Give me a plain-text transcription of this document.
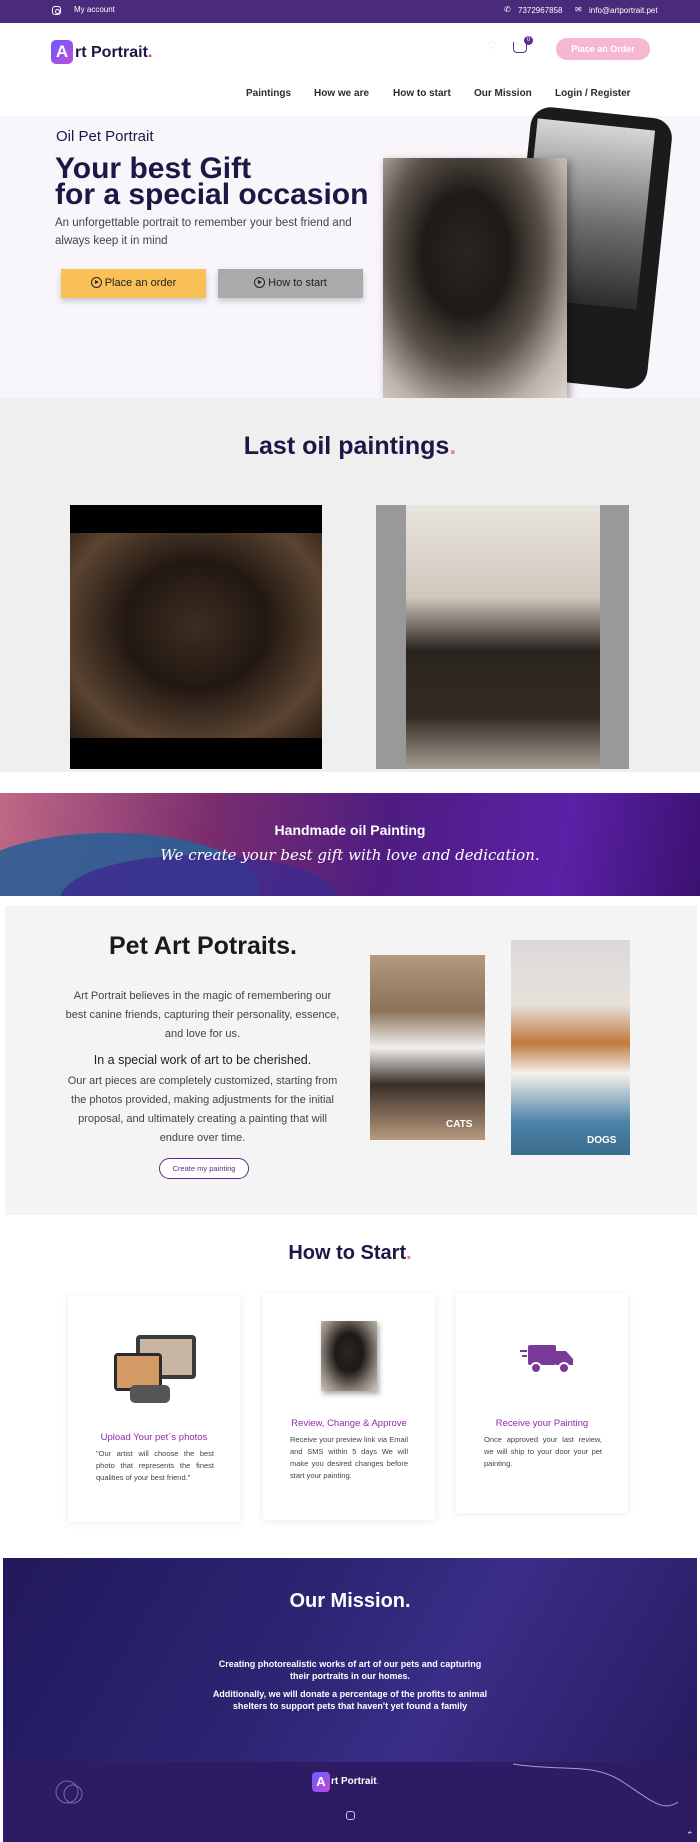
My account	✆ 7372967858 ✉ info@artportrait.pet
A rt Portrait.	♡	0
Place an Order
Paintings How we are How to start Our Mission Login / Register
Oil Pet Portrait
Your best Gift
for a special occasion
An unforgettable portrait to remember your best friend and always keep it in mind
Place an order	How to start
Last oil paintings.
Handmade oil Painting
We create your best gift with love and dedication.
Pet Art Potraits.
Art Portrait believes in the magic of remembering our best canine friends, capturing their personality, essence, and love for us.
In a special work of art to be cherished.
Our art pieces are completely customized, starting from the photos provided, making adjustments for the initial proposal, and ultimately creating a painting that will endure over time.
Create my painting
CATS
DOGS
How to Start.
Upload Your pet´s photos
"Our artist will choose the best photo that represents the finest qualities of your best friend."
Review, Change & Approve
Receive your preview link via Email and SMS within 5 days We will make you desired changes before start your painting.
Receive your Painting
Once approved your last review, we will ship to your door your pet painting.
Our Mission.
Creating photorealistic works of art of our pets and capturing their portraits in our homes.
Additionally, we will donate a percentage of the profits to animal shelters to support pets that haven't yet found a family
A rt Portrait.
⌃
